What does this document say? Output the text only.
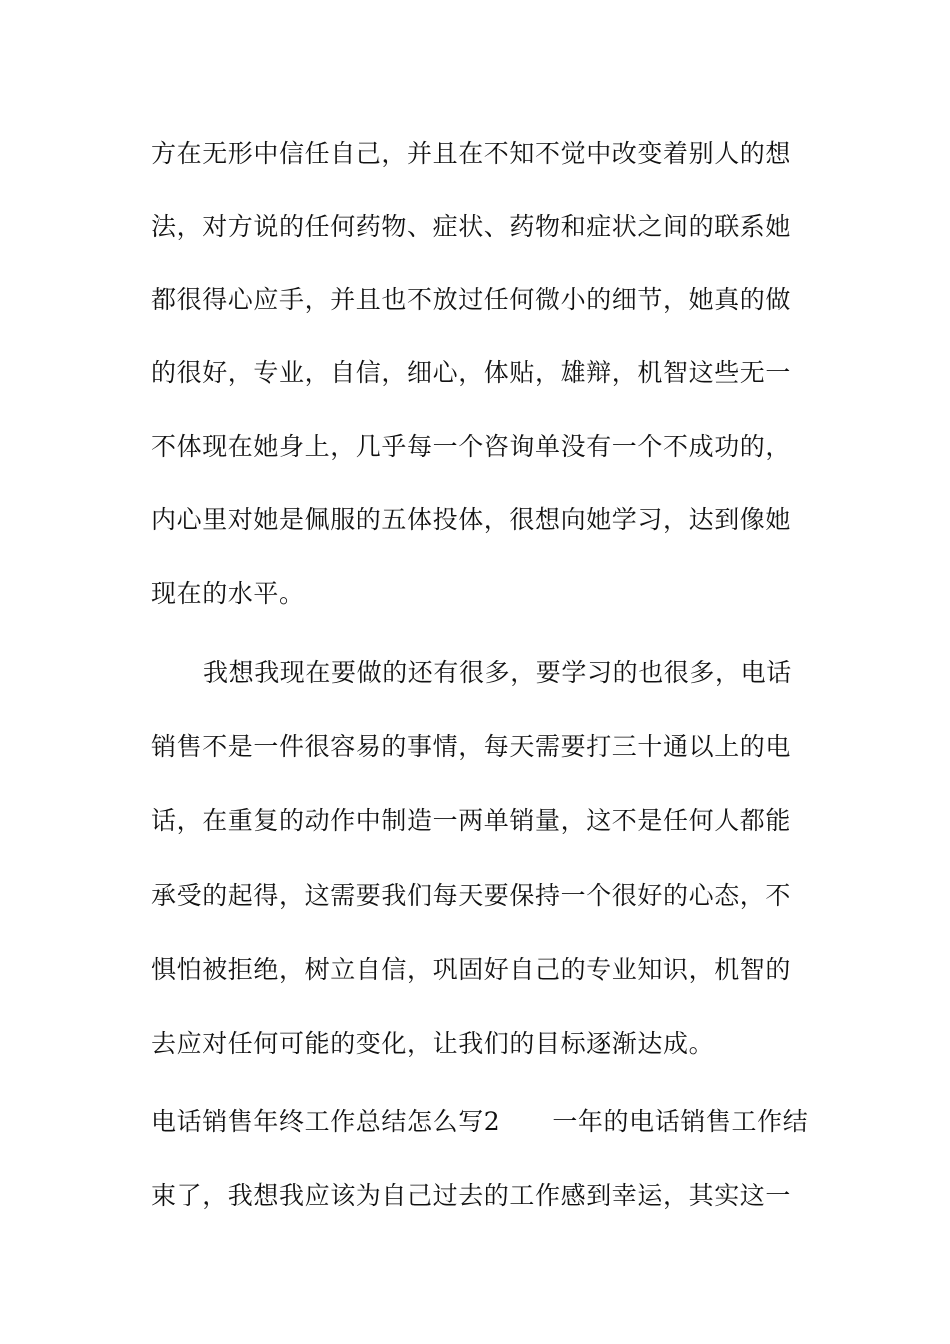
方在无形中信任自己，并且在不知不觉中改变着别人的想

法，对方说的任何药物、症状、药物和症状之间的联系她

都很得心应手，并且也不放过任何微小的细节，她真的做

的很好，专业，自信，细心，体贴，雄辩，机智这些无一

不体现在她身上，几乎每一个咨询单没有一个不成功的，

内心里对她是佩服的五体投体，很想向她学习，达到像她

现在的水平。

我想我现在要做的还有很多，要学习的也很多，电话

销售不是一件很容易的事情，每天需要打三十通以上的电

话，在重复的动作中制造一两单销量，这不是任何人都能

承受的起得，这需要我们每天要保持一个很好的心态，不

惧怕被拒绝，树立自信，巩固好自己的专业知识，机智的

去应对任何可能的变化，让我们的目标逐渐达成。

电话销售年终工作总结怎么写2 一年的电话销售工作结

束了，我想我应该为自己过去的工作感到幸运，其实这一
